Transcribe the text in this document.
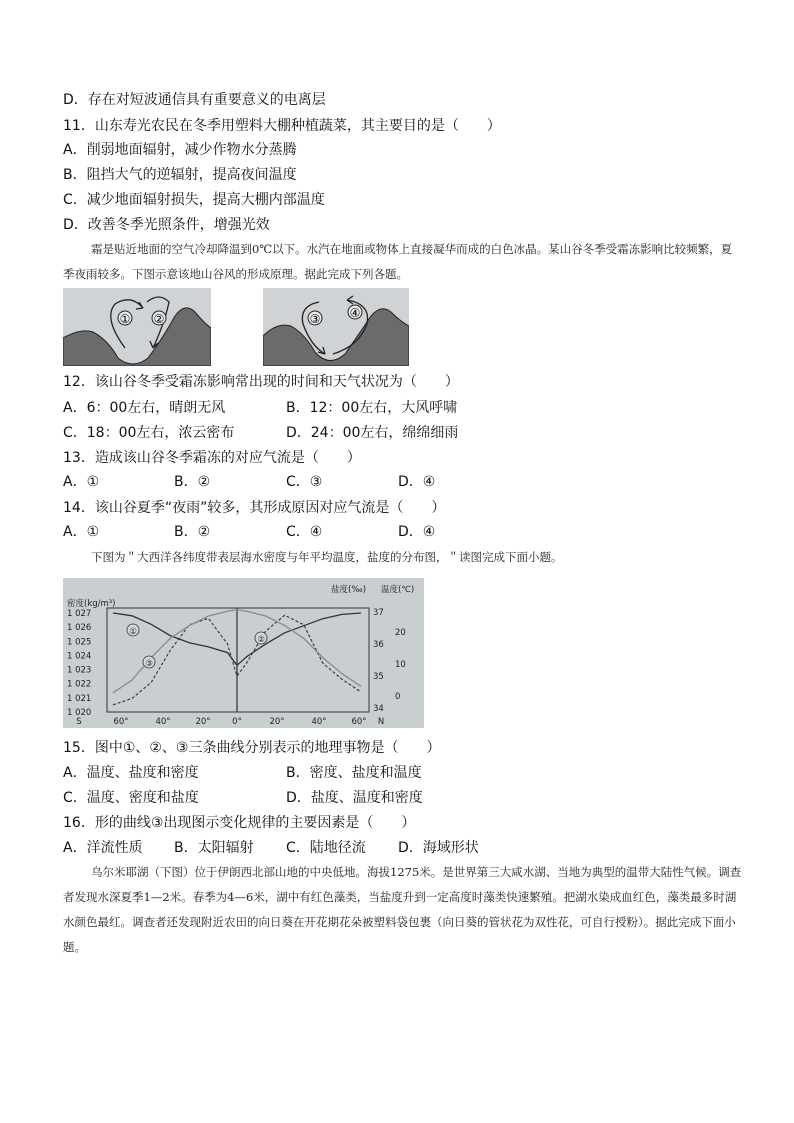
D．存在对短波通信具有重要意义的电离层
11．山东寿光农民在冬季用塑料大棚种植蔬菜，其主要目的是（　　）
A．削弱地面辐射，减少作物水分蒸腾
B．阻挡大气的逆辐射，提高夜间温度
C．减少地面辐射损失，提高大棚内部温度
D．改善冬季光照条件，增强光效
霜是贴近地面的空气冷却降温到0℃以下。水汽在地面或物体上直接凝华而成的白色冰晶。某山谷冬季受霜冻影响比较频繁，夏季夜雨较多。下图示意该地山谷风的形成原理。据此完成下列各题。
① ②	③ ④
12．该山谷冬季受霜冻影响常出现的时间和天气状况为（　　）
A．6：00左右，晴朗无风	B．12：00左右，大风呼啸
C．18：00左右，浓云密布	D．24：00左右，绵绵细雨
13．造成该山谷冬季霜冻的对应气流是（　　）
A．①	B．②	C．③	D．④
14．该山谷夏季“夜雨”较多，其形成原因对应气流是（　　）
A．①	B．②	C．④	D．④
下图为＂大西洋各纬度带表层海水密度与年平均温度，盐度的分布图，＂读图完成下面小题。
密度(kg/m³)
盐度(‰) 温度(℃)
1 027
1 026
1 025
1 024
1 023
1 022
1 021
1 020
37
36
35
34
20
10
0
S	60°	40°	20°	0°	20°	40°	60° N
①
②
③
15．图中①、②、③三条曲线分别表示的地理事物是（　　）
A．温度、盐度和密度	B．密度、盐度和温度
C．温度、密度和盐度	D．盐度、温度和密度
16．形的曲线③出现图示变化规律的主要因素是（　　）
A．洋流性质 B．太阳辐射 C．陆地径流 D．海域形状
乌尔米耶湖（下图）位于伊朗西北部山地的中央低地。海拔1275米。是世界第三大咸水湖、当地为典型的温带大陆性气候。调查者发现水深夏季1—2米。春季为4—6米，湖中有红色藻类，当盐度升到一定高度时藻类快速繁殖。把湖水染成血红色，藻类最多时湖水颜色最红。调查者还发现附近农田的向日葵在开花期花朵被塑料袋包裹（向日葵的管状花为双性花，可自行授粉）。据此完成下面小题。
